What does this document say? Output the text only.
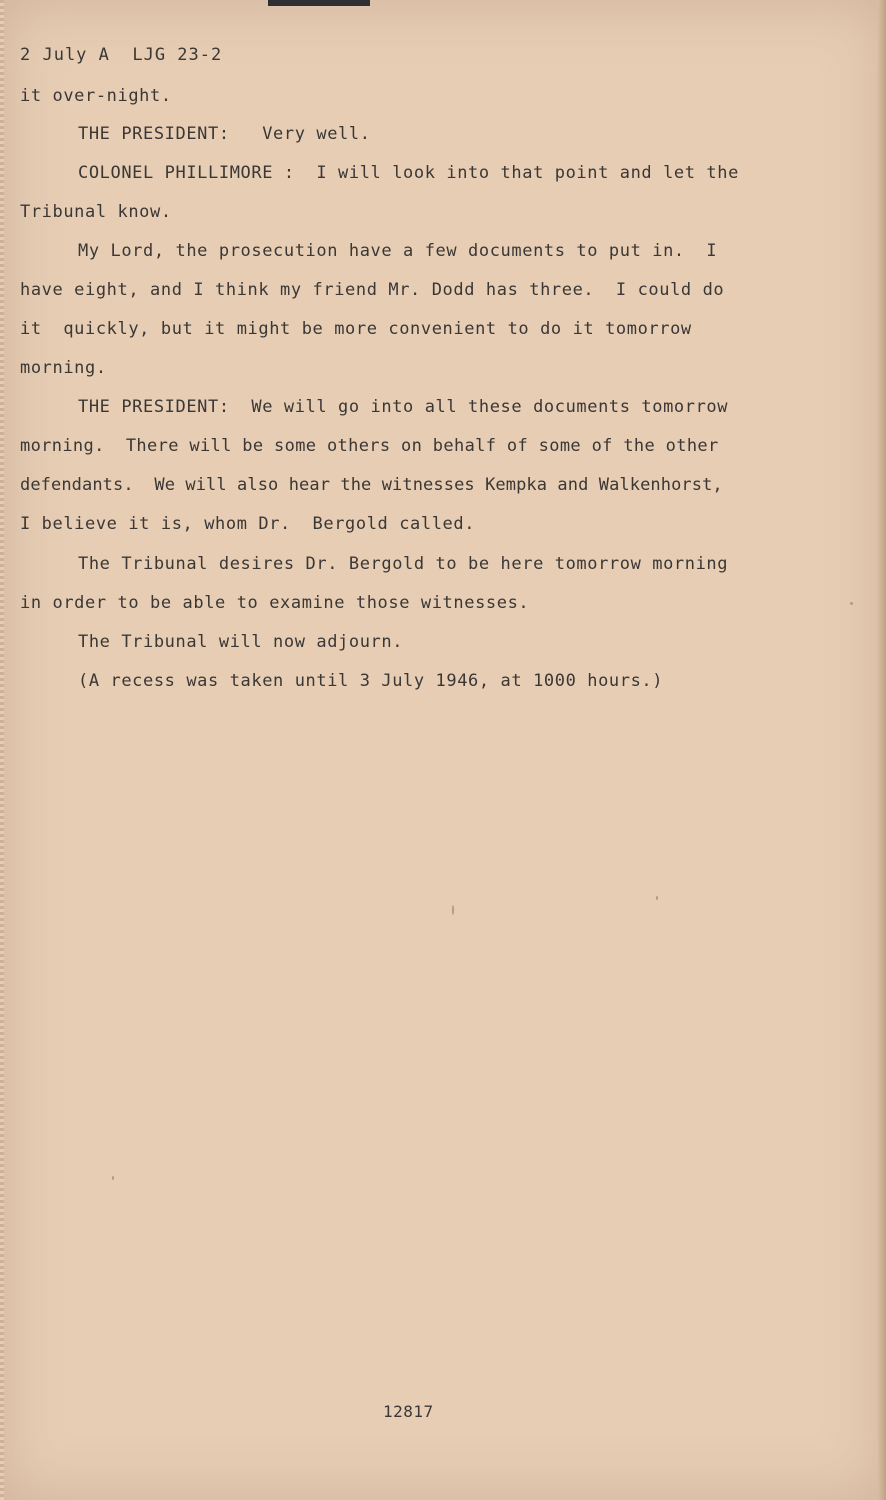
2 July A  LJG 23-2
it over-night.
THE PRESIDENT:   Very well.
COLONEL PHILLIMORE :  I will look into that point and let the
Tribunal know.
My Lord, the prosecution have a few documents to put in.  I
have eight, and I think my friend Mr. Dodd has three.  I could do
it  quickly, but it might be more convenient to do it tomorrow
morning.
THE PRESIDENT:  We will go into all these documents tomorrow
morning.  There will be some others on behalf of some of the other
defendants.  We will also hear the witnesses Kempka and Walkenhorst,
I believe it is, whom Dr.  Bergold called.
The Tribunal desires Dr. Bergold to be here tomorrow morning
in order to be able to examine those witnesses.
The Tribunal will now adjourn.
(A recess was taken until 3 July 1946, at 1000 hours.)
12817
